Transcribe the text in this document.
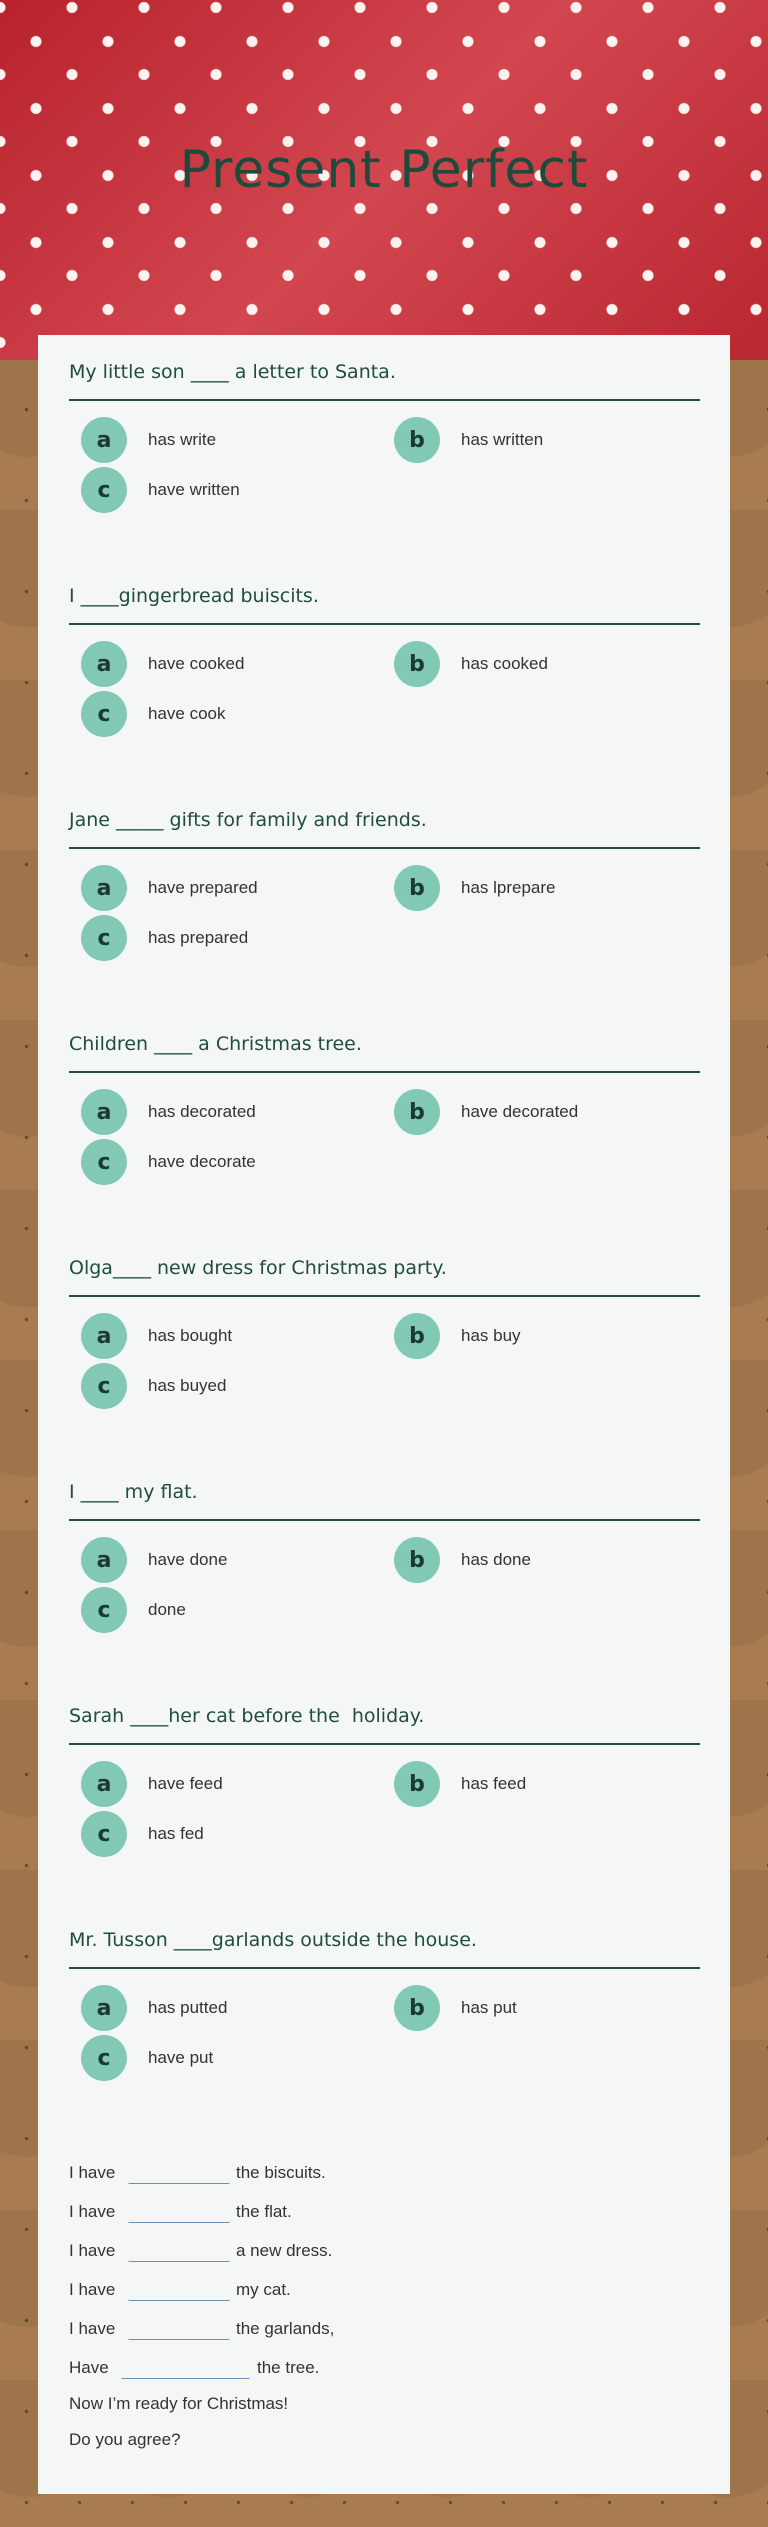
Present Perfect
My little son ____ a letter to Santa.
a	has write	b	has written
c	have written
I ____gingerbread buiscits.
a	have cooked	b	has cooked
c	have cook
Jane _____ gifts for family and friends.
a	have prepared	b	has lprepare
c	has prepared
Children ____ a Christmas tree.
a	has decorated	b	have decorated
c	have decorate
Olga____ new dress for Christmas party.
a	has bought	b	has buy
c	has buyed
I ____ my flat.
a	have done	b	has done
c	done
Sarah ____her cat before the  holiday.
a	have feed	b	has feed
c	has fed
Mr. Tusson ____garlands outside the house.
a	has putted	b	has put
c	have put
I have	the biscuits.
I have	the flat.
I have	a new dress.
I have	my cat.
I have	the garlands,
Have	the tree.
Now I’m ready for Christmas!
Do you agree?
